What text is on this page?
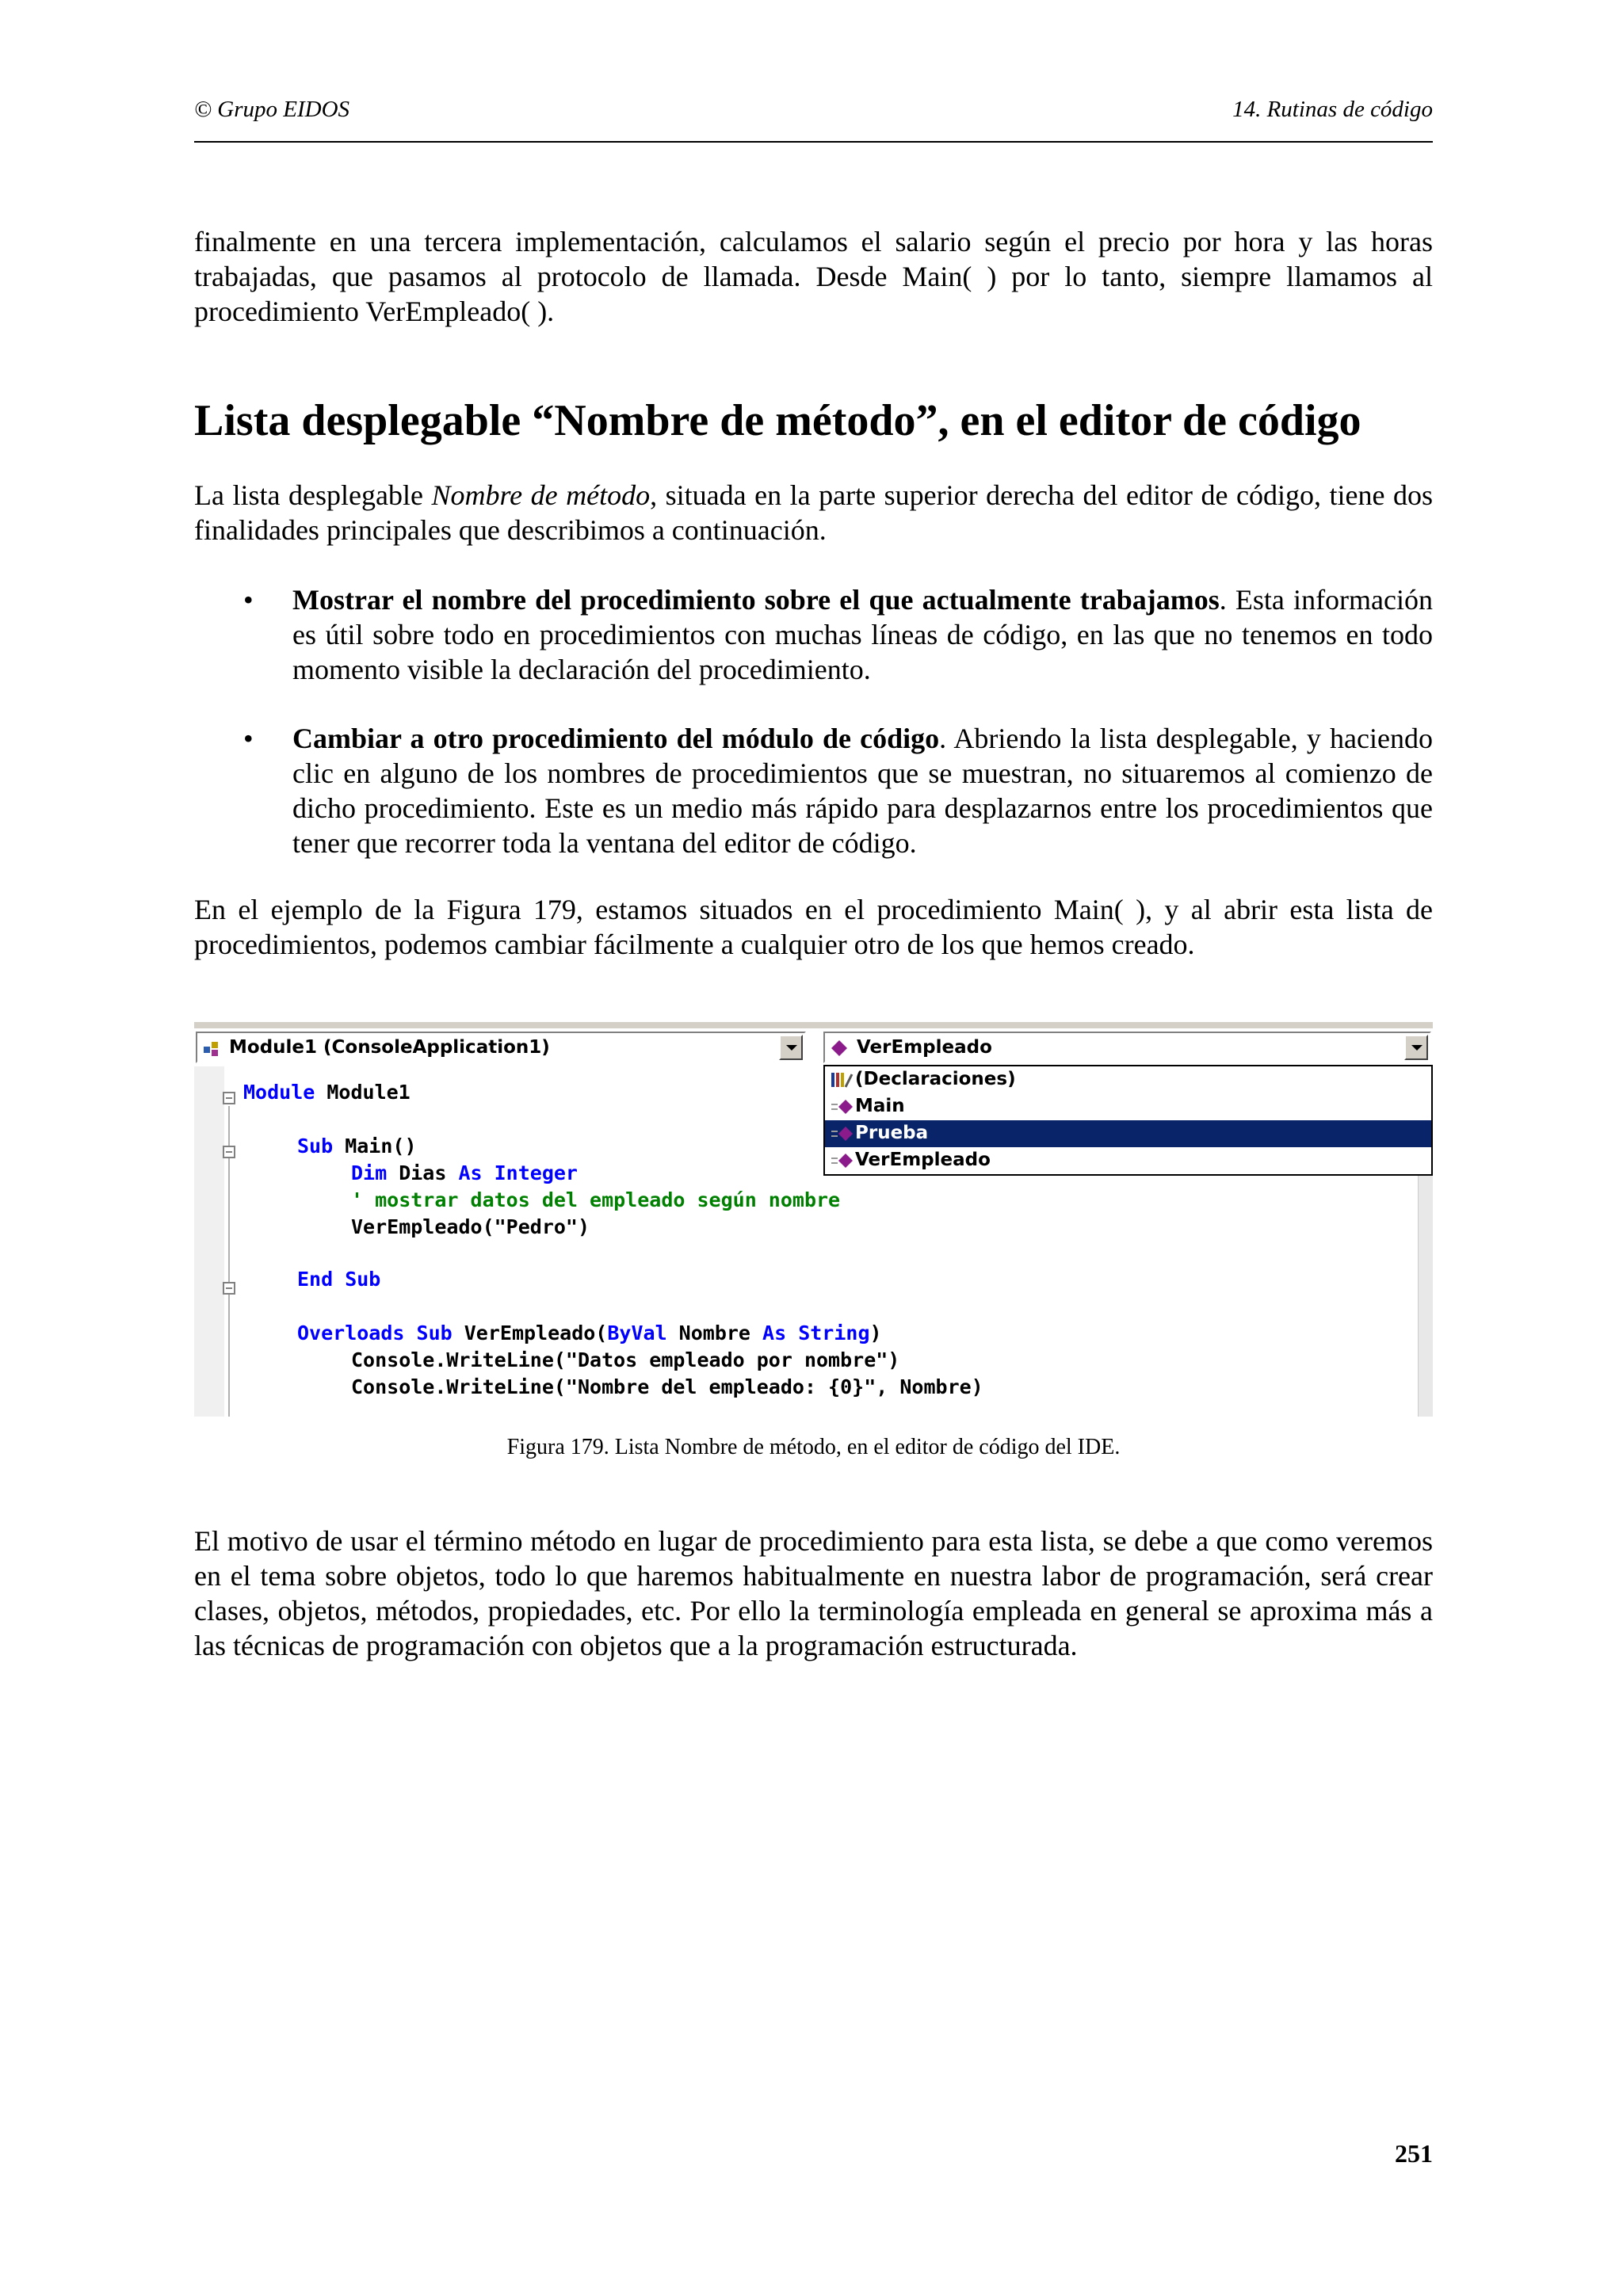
© Grupo EIDOS	14. Rutinas de código

finalmente en una tercera implementación, calculamos el salario según el precio por hora y las horas trabajadas, que pasamos al protocolo de llamada. Desde Main( ) por lo tanto, siempre llamamos al procedimiento VerEmpleado( ).

Lista desplegable “Nombre de método”, en el editor de código

La lista desplegable Nombre de método, situada en la parte superior derecha del editor de código, tiene dos finalidades principales que describimos a continuación.

• Mostrar el nombre del procedimiento sobre el que actualmente trabajamos. Esta información es útil sobre todo en procedimientos con muchas líneas de código, en las que no tenemos en todo momento visible la declaración del procedimiento.

• Cambiar a otro procedimiento del módulo de código. Abriendo la lista desplegable, y haciendo clic en alguno de los nombres de procedimientos que se muestran, no situaremos al comienzo de dicho procedimiento. Este es un medio más rápido para desplazarnos entre los procedimientos que tener que recorrer toda la ventana del editor de código.

En el ejemplo de la Figura 179, estamos situados en el procedimiento Main( ), y al abrir esta lista de procedimientos, podemos cambiar fácilmente a cualquier otro de los que hemos creado.

Module1 (ConsoleApplication1)	VerEmpleado
Module Module1
Sub Main()
Dim Dias As Integer
' mostrar datos del empleado según nombre
VerEmpleado("Pedro")
End Sub
Overloads Sub VerEmpleado(ByVal Nombre As String)
Console.WriteLine("Datos empleado por nombre")
Console.WriteLine("Nombre del empleado: {0}", Nombre)
(Declaraciones)
Main
Prueba
VerEmpleado
Figura 179. Lista Nombre de método, en el editor de código del IDE.

El motivo de usar el término método en lugar de procedimiento para esta lista, se debe a que como veremos en el tema sobre objetos, todo lo que haremos habitualmente en nuestra labor de programación, será crear clases, objetos, métodos, propiedades, etc. Por ello la terminología empleada en general se aproxima más a las técnicas de programación con objetos que a la programación estructurada.

251
